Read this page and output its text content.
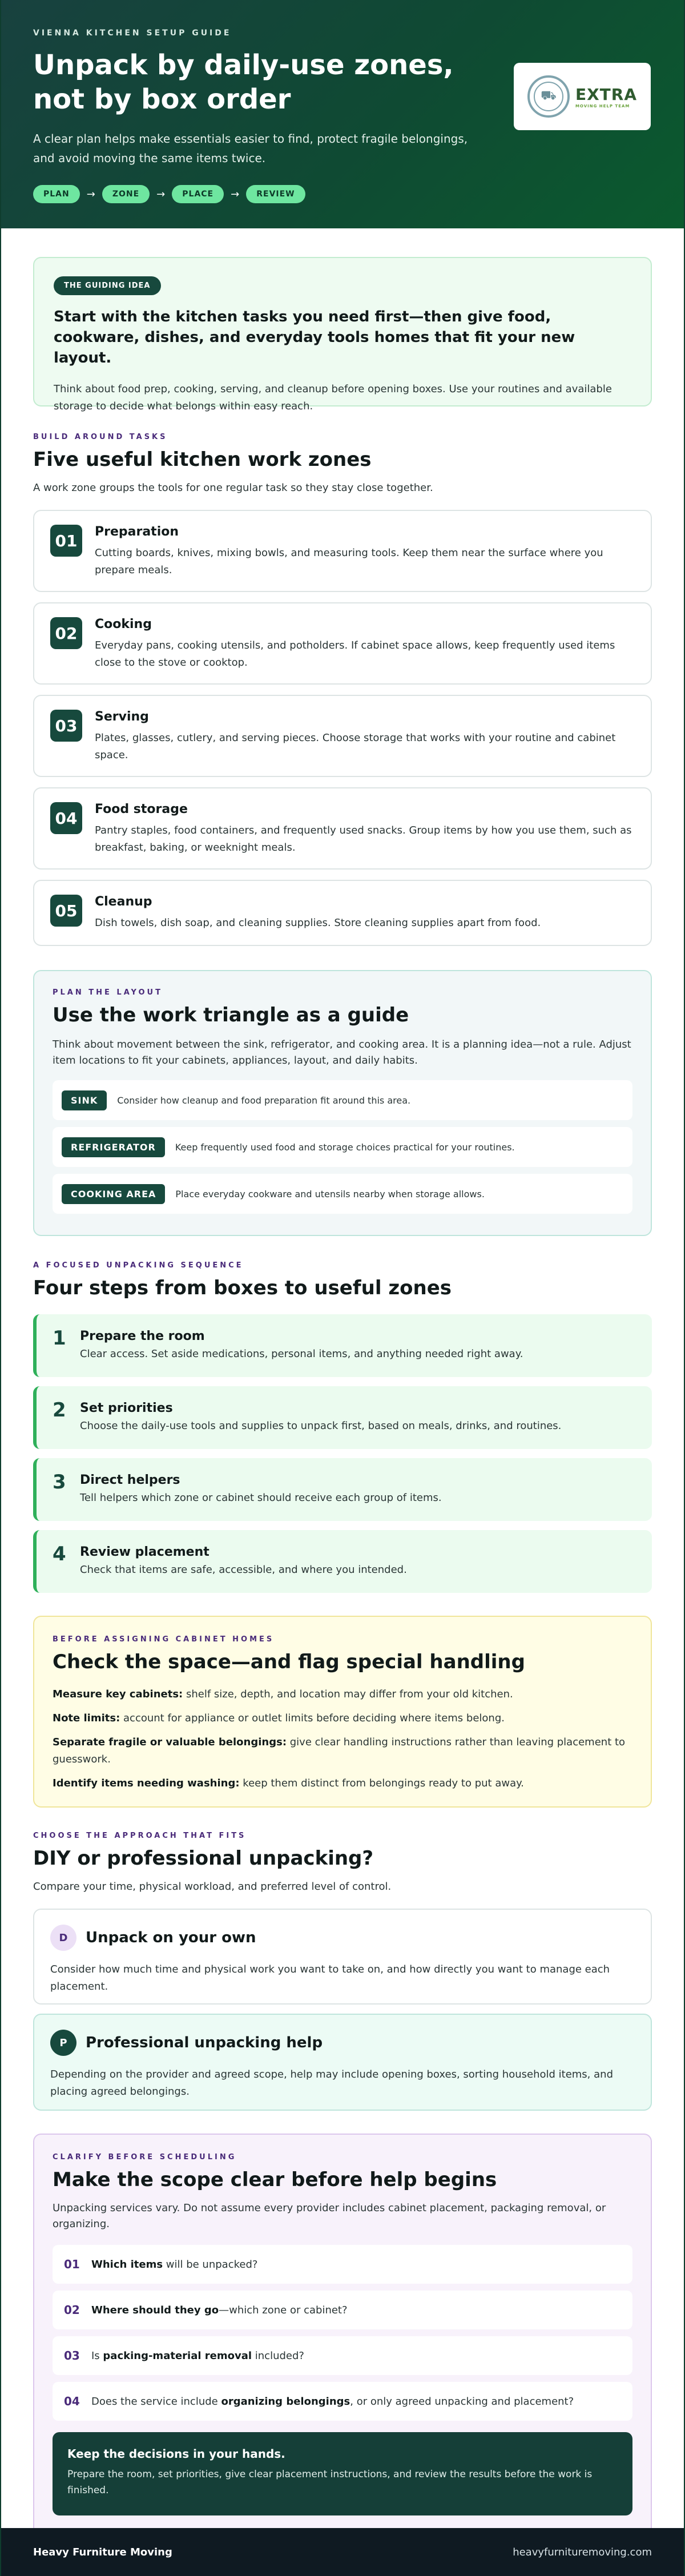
VIENNA KITCHEN SETUP GUIDE
Unpack by daily-use zones, not by box order

A clear plan helps make essentials easier to find, protect fragile belongings, and avoid moving the same items twice.

PLAN	→	ZONE	→	PLACE	→	REVIEW
⛟	EXTRA
MOVING HELP TEAM
THE GUIDING IDEA
Start with the kitchen tasks you need first—then give food, cookware, dishes, and everyday tools homes that fit your new layout.

Think about food prep, cooking, serving, and cleanup before opening boxes. Use your routines and available storage to decide what belongs within easy reach.

BUILD AROUND TASKS
Five useful kitchen work zones

A work zone groups the tools for one regular task so they stay close together.

01	Preparation
Cutting boards, knives, mixing bowls, and measuring tools. Keep them near the surface where you prepare meals.
02	Cooking
Everyday pans, cooking utensils, and potholders. If cabinet space allows, keep frequently used items close to the stove or cooktop.
03	Serving
Plates, glasses, cutlery, and serving pieces. Choose storage that works with your routine and cabinet space.
04	Food storage
Pantry staples, food containers, and frequently used snacks. Group items by how you use them, such as breakfast, baking, or weeknight meals.
05	Cleanup
Dish towels, dish soap, and cleaning supplies. Store cleaning supplies apart from food.
PLAN THE LAYOUT
Use the work triangle as a guide

Think about movement between the sink, refrigerator, and cooking area. It is a planning idea—not a rule. Adjust item locations to fit your cabinets, appliances, layout, and daily habits.

SINK	Consider how cleanup and food preparation fit around this area.
REFRIGERATOR	Keep frequently used food and storage choices practical for your routines.
COOKING AREA	Place everyday cookware and utensils nearby when storage allows.
A FOCUSED UNPACKING SEQUENCE
Four steps from boxes to useful zones
1 Prepare the room
Clear access. Set aside medications, personal items, and anything needed right away.
2 Set priorities
Choose the daily-use tools and supplies to unpack first, based on meals, drinks, and routines.
3 Direct helpers
Tell helpers which zone or cabinet should receive each group of items.
4 Review placement
Check that items are safe, accessible, and where you intended.
BEFORE ASSIGNING CABINET HOMES
Check the space—and flag special handling

Measure key cabinets: shelf size, depth, and location may differ from your old kitchen.

Note limits: account for appliance or outlet limits before deciding where items belong.

Separate fragile or valuable belongings: give clear handling instructions rather than leaving placement to guesswork.

Identify items needing washing: keep them distinct from belongings ready to put away.

CHOOSE THE APPROACH THAT FITS
DIY or professional unpacking?

Compare your time, physical workload, and preferred level of control.

D	Unpack on your own

Consider how much time and physical work you want to take on, and how directly you want to manage each placement.

P	Professional unpacking help

Depending on the provider and agreed scope, help may include opening boxes, sorting household items, and placing agreed belongings.

CLARIFY BEFORE SCHEDULING
Make the scope clear before help begins

Unpacking services vary. Do not assume every provider includes cabinet placement, packaging removal, or organizing.

01	Which items will be unpacked?
02	Where should they go—which zone or cabinet?
03	Is packing-material removal included?
04	Does the service include organizing belongings, or only agreed unpacking and placement?
Keep the decisions in your hands.
Prepare the room, set priorities, give clear placement instructions, and review the results before the work is finished.
Heavy Furniture Moving	heavyfurnituremoving.com
